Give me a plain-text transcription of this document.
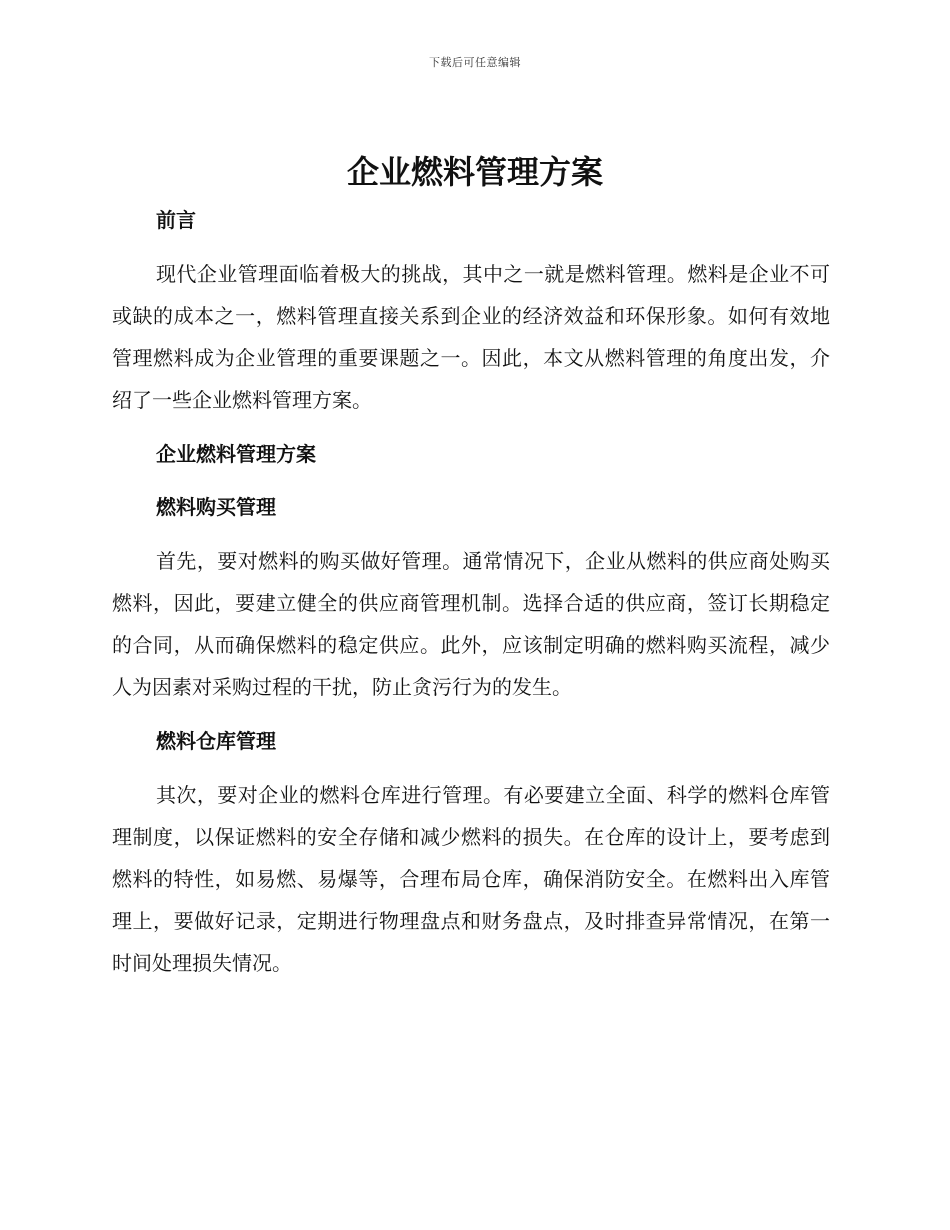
下载后可任意编辑
企业燃料管理方案

前言

现代企业管理面临着极大的挑战，其中之一就是燃料管理。燃料是企业不可或缺的成本之一，燃料管理直接关系到企业的经济效益和环保形象。如何有效地管理燃料成为企业管理的重要课题之一。因此，本文从燃料管理的角度出发，介绍了一些企业燃料管理方案。

企业燃料管理方案

燃料购买管理

首先，要对燃料的购买做好管理。通常情况下，企业从燃料的供应商处购买燃料，因此，要建立健全的供应商管理机制。选择合适的供应商，签订长期稳定的合同，从而确保燃料的稳定供应。此外，应该制定明确的燃料购买流程，减少人为因素对采购过程的干扰，防止贪污行为的发生。

燃料仓库管理

其次，要对企业的燃料仓库进行管理。有必要建立全面、科学的燃料仓库管理制度，以保证燃料的安全存储和减少燃料的损失。在仓库的设计上，要考虑到燃料的特性，如易燃、易爆等，合理布局仓库，确保消防安全。在燃料出入库管理上，要做好记录，定期进行物理盘点和财务盘点，及时排查异常情况，在第一时间处理损失情况。
